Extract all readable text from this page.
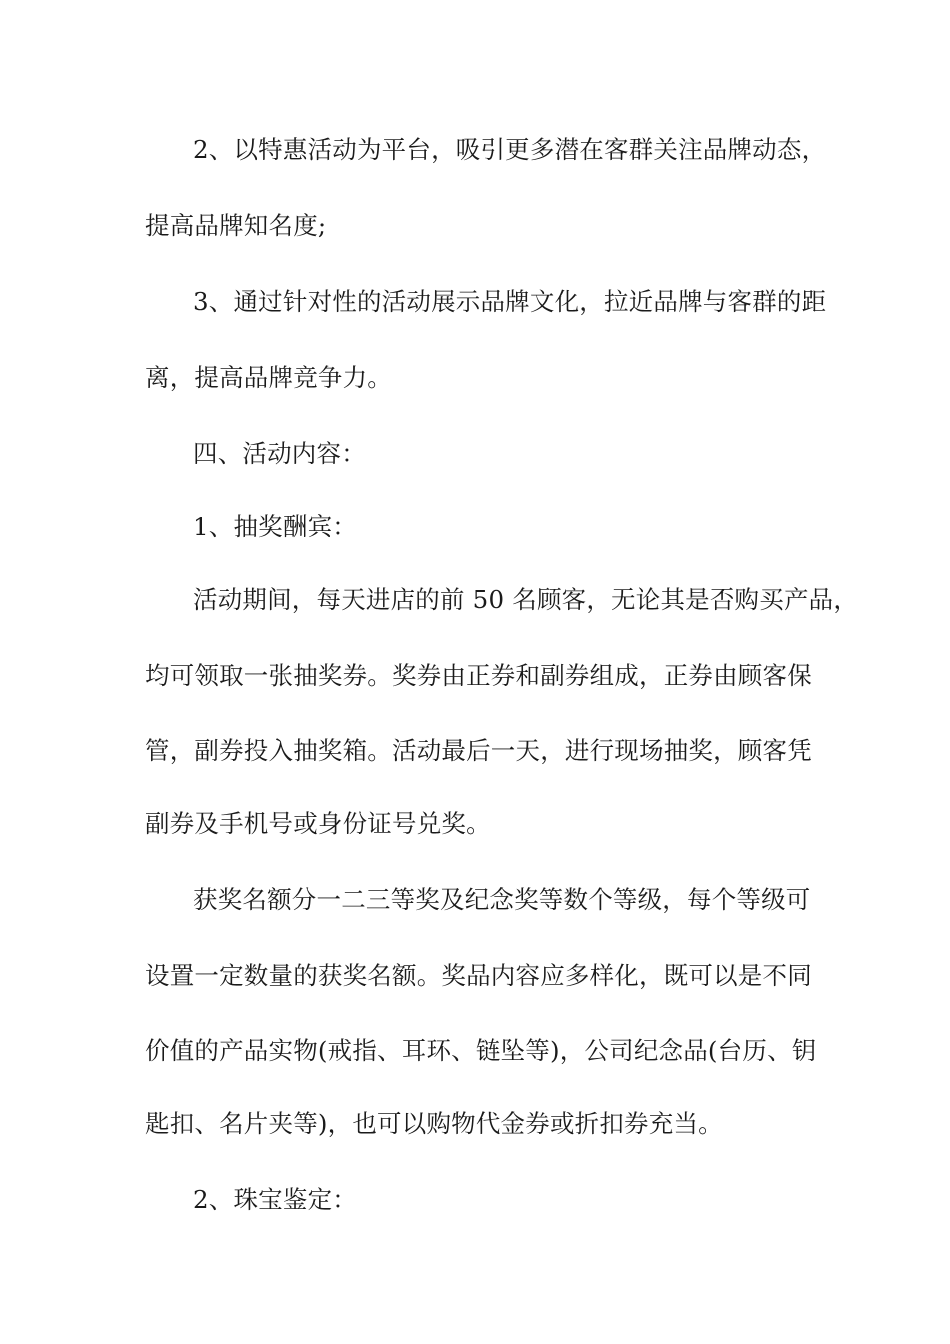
2、以特惠活动为平台，吸引更多潜在客群关注品牌动态，
提高品牌知名度;
3、通过针对性的活动展示品牌文化，拉近品牌与客群的距
离，提高品牌竞争力。
四、活动内容：
1、抽奖酬宾：
活动期间，每天进店的前 50 名顾客，无论其是否购买产品，
均可领取一张抽奖券。奖券由正券和副券组成，正券由顾客保
管，副券投入抽奖箱。活动最后一天，进行现场抽奖，顾客凭
副券及手机号或身份证号兑奖。
获奖名额分一二三等奖及纪念奖等数个等级，每个等级可
设置一定数量的获奖名额。奖品内容应多样化，既可以是不同
价值的产品实物(戒指、耳环、链坠等)，公司纪念品(台历、钥
匙扣、名片夹等)，也可以购物代金券或折扣券充当。
2、珠宝鉴定：
